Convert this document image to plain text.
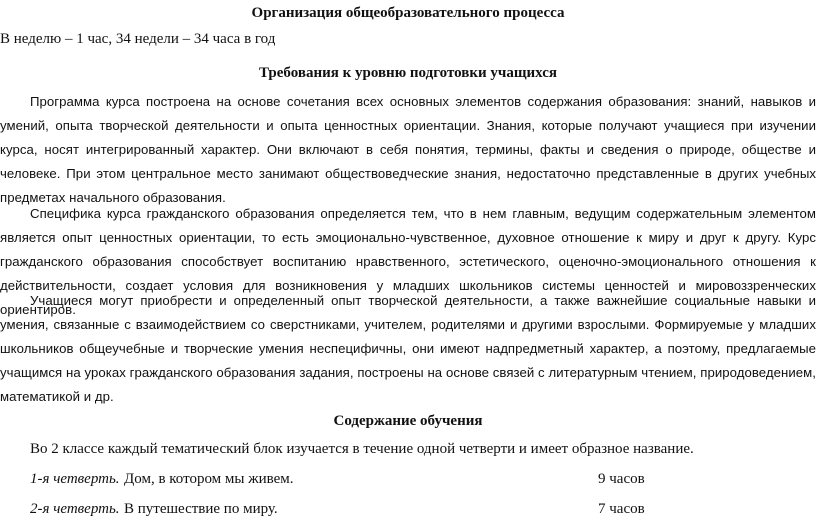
Организация общеобразовательного процесса
В неделю – 1 час, 34 недели – 34 часа в год
Требования к уровню подготовки учащихся
Программа курса построена на основе сочетания всех основных элементов содержания образования: знаний, навыков и умений, опыта творческой деятельности и опыта ценностных ориентации. Знания, которые получают учащиеся при изучении курса, носят интегрированный характер. Они включают в себя понятия, термины, факты и сведения о природе, обществе и человеке. При этом центральное место занимают обществоведческие знания, недостаточно представленные в других учебных предметах начального образования.
Специфика курса гражданского образования определяется тем, что в нем главным, ведущим содержательным элементом является опыт ценностных ориентации, то есть эмоционально-чувственное, духовное отношение к миру и друг к другу. Курс гражданского образования способствует воспитанию нравственного, эстетического, оценочно-эмоционального отношения к действительности, создает условия для возникновения у младших школьников системы ценностей и мировоззренческих ориентиров.
Учащиеся могут приобрести и определенный опыт творческой деятельности, а также важнейшие социальные навыки и умения, связанные с взаимодействием со сверстниками, учителем, родителями и другими взрослыми. Формируемые у младших школьников общеучебные и творческие умения неспецифичны, они имеют надпредметный характер, а поэтому, предлагаемые учащимся на уроках гражданского образования задания, построены на основе связей с литературным чтением, природоведением, математикой и др.
Содержание обучения
Во 2 классе каждый тематический блок изучается в течение одной четверти и имеет образное название.
1-я четверть. Дом, в котором мы живем.	9 часов
2-я четверть. В путешествие по миру.	7 часов
